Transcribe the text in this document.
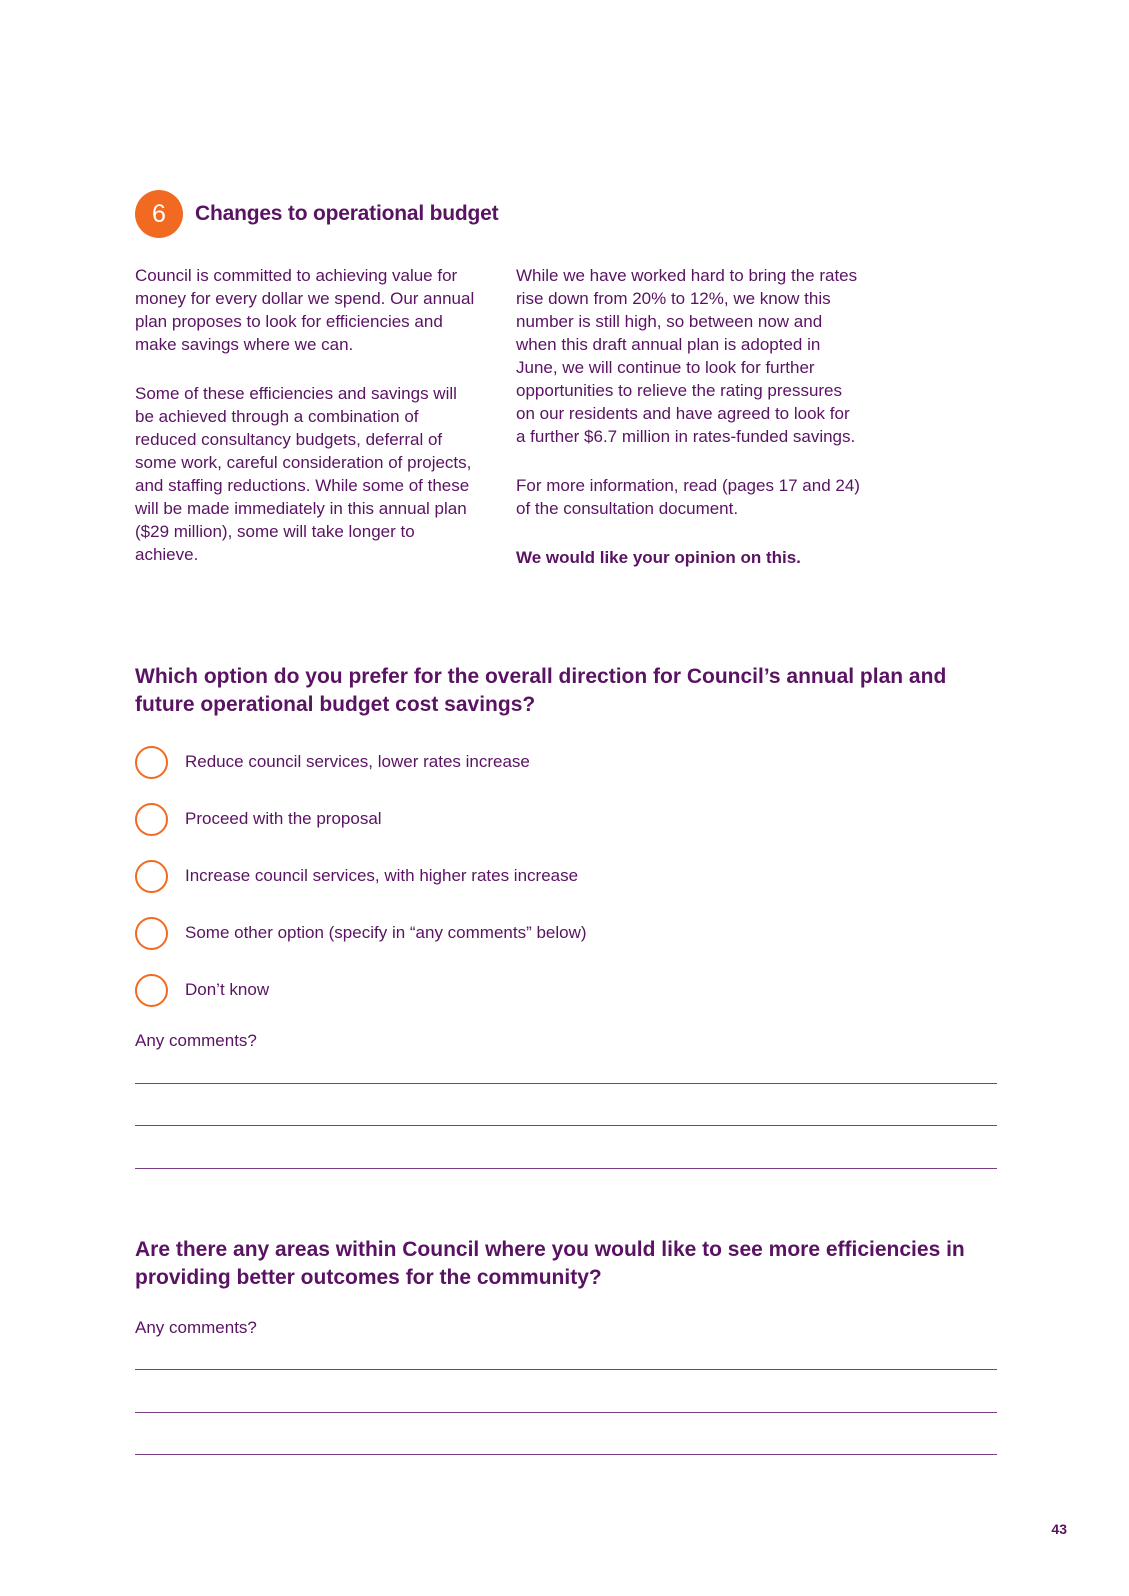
6	Changes to operational budget

Council is committed to achieving value for money for every dollar we spend. Our annual plan proposes to look for efficiencies and make savings where we can.

Some of these efficiencies and savings will be achieved through a combination of reduced consultancy budgets, deferral of some work, careful consideration of projects, and staffing reductions. While some of these will be made immediately in this annual plan ($29 million), some will take longer to achieve.

While we have worked hard to bring the rates rise down from 20% to 12%, we know this number is still high, so between now and when this draft annual plan is adopted in June, we will continue to look for further opportunities to relieve the rating pressures on our residents and have agreed to look for a further $6.7 million in rates-funded savings.

For more information, read (pages 17 and 24) of the consultation document.

We would like your opinion on this.

Which option do you prefer for the overall direction for Council’s annual plan and future operational budget cost savings?
Reduce council services, lower rates increase
Proceed with the proposal
Increase council services, with higher rates increase
Some other option (specify in “any comments” below)
Don’t know
Any comments?
Are there any areas within Council where you would like to see more efficiencies in providing better outcomes for the community?
Any comments?
43
